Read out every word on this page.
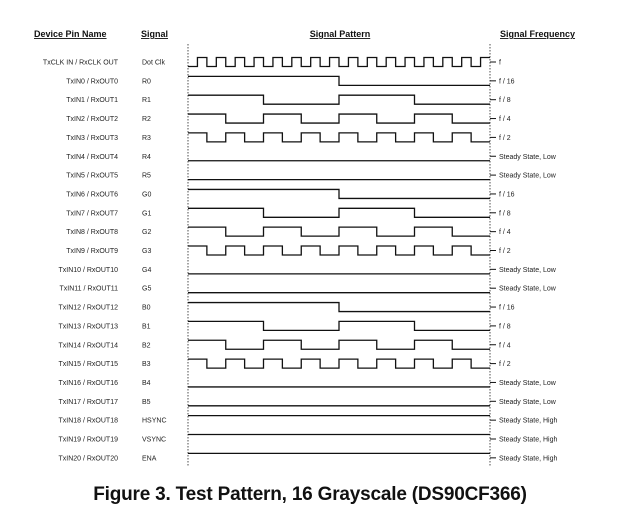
Device Pin Name	Signal	Signal Pattern	Signal Frequency
TxCLK IN / RxCLK OUT	Dot Clk	f
TxIN0 / RxOUT0	R0	f / 16
TxIN1 / RxOUT1	R1	f / 8
TxIN2 / RxOUT2	R2	f / 4
TxIN3 / RxOUT3	R3	f / 2
TxIN4 / RxOUT4	R4	Steady State, Low
TxIN5 / RxOUT5	R5	Steady State, Low
TxIN6 / RxOUT6	G0	f / 16
TxIN7 / RxOUT7	G1	f / 8
TxIN8 / RxOUT8	G2	f / 4
TxIN9 / RxOUT9	G3	f / 2
TxIN10 / RxOUT10	G4	Steady State, Low
TxIN11 / RxOUT11	G5	Steady State, Low
TxIN12 / RxOUT12	B0	f / 16
TxIN13 / RxOUT13	B1	f / 8
TxIN14 / RxOUT14	B2	f / 4
TxIN15 / RxOUT15	B3	f / 2
TxIN16 / RxOUT16	B4	Steady State, Low
TxIN17 / RxOUT17	B5	Steady State, Low
TxIN18 / RxOUT18	HSYNC	Steady State, High
TxIN19 / RxOUT19	VSYNC	Steady State, High
TxIN20 / RxOUT20	ENA	Steady State, High
Figure 3. Test Pattern, 16 Grayscale (DS90CF366)
